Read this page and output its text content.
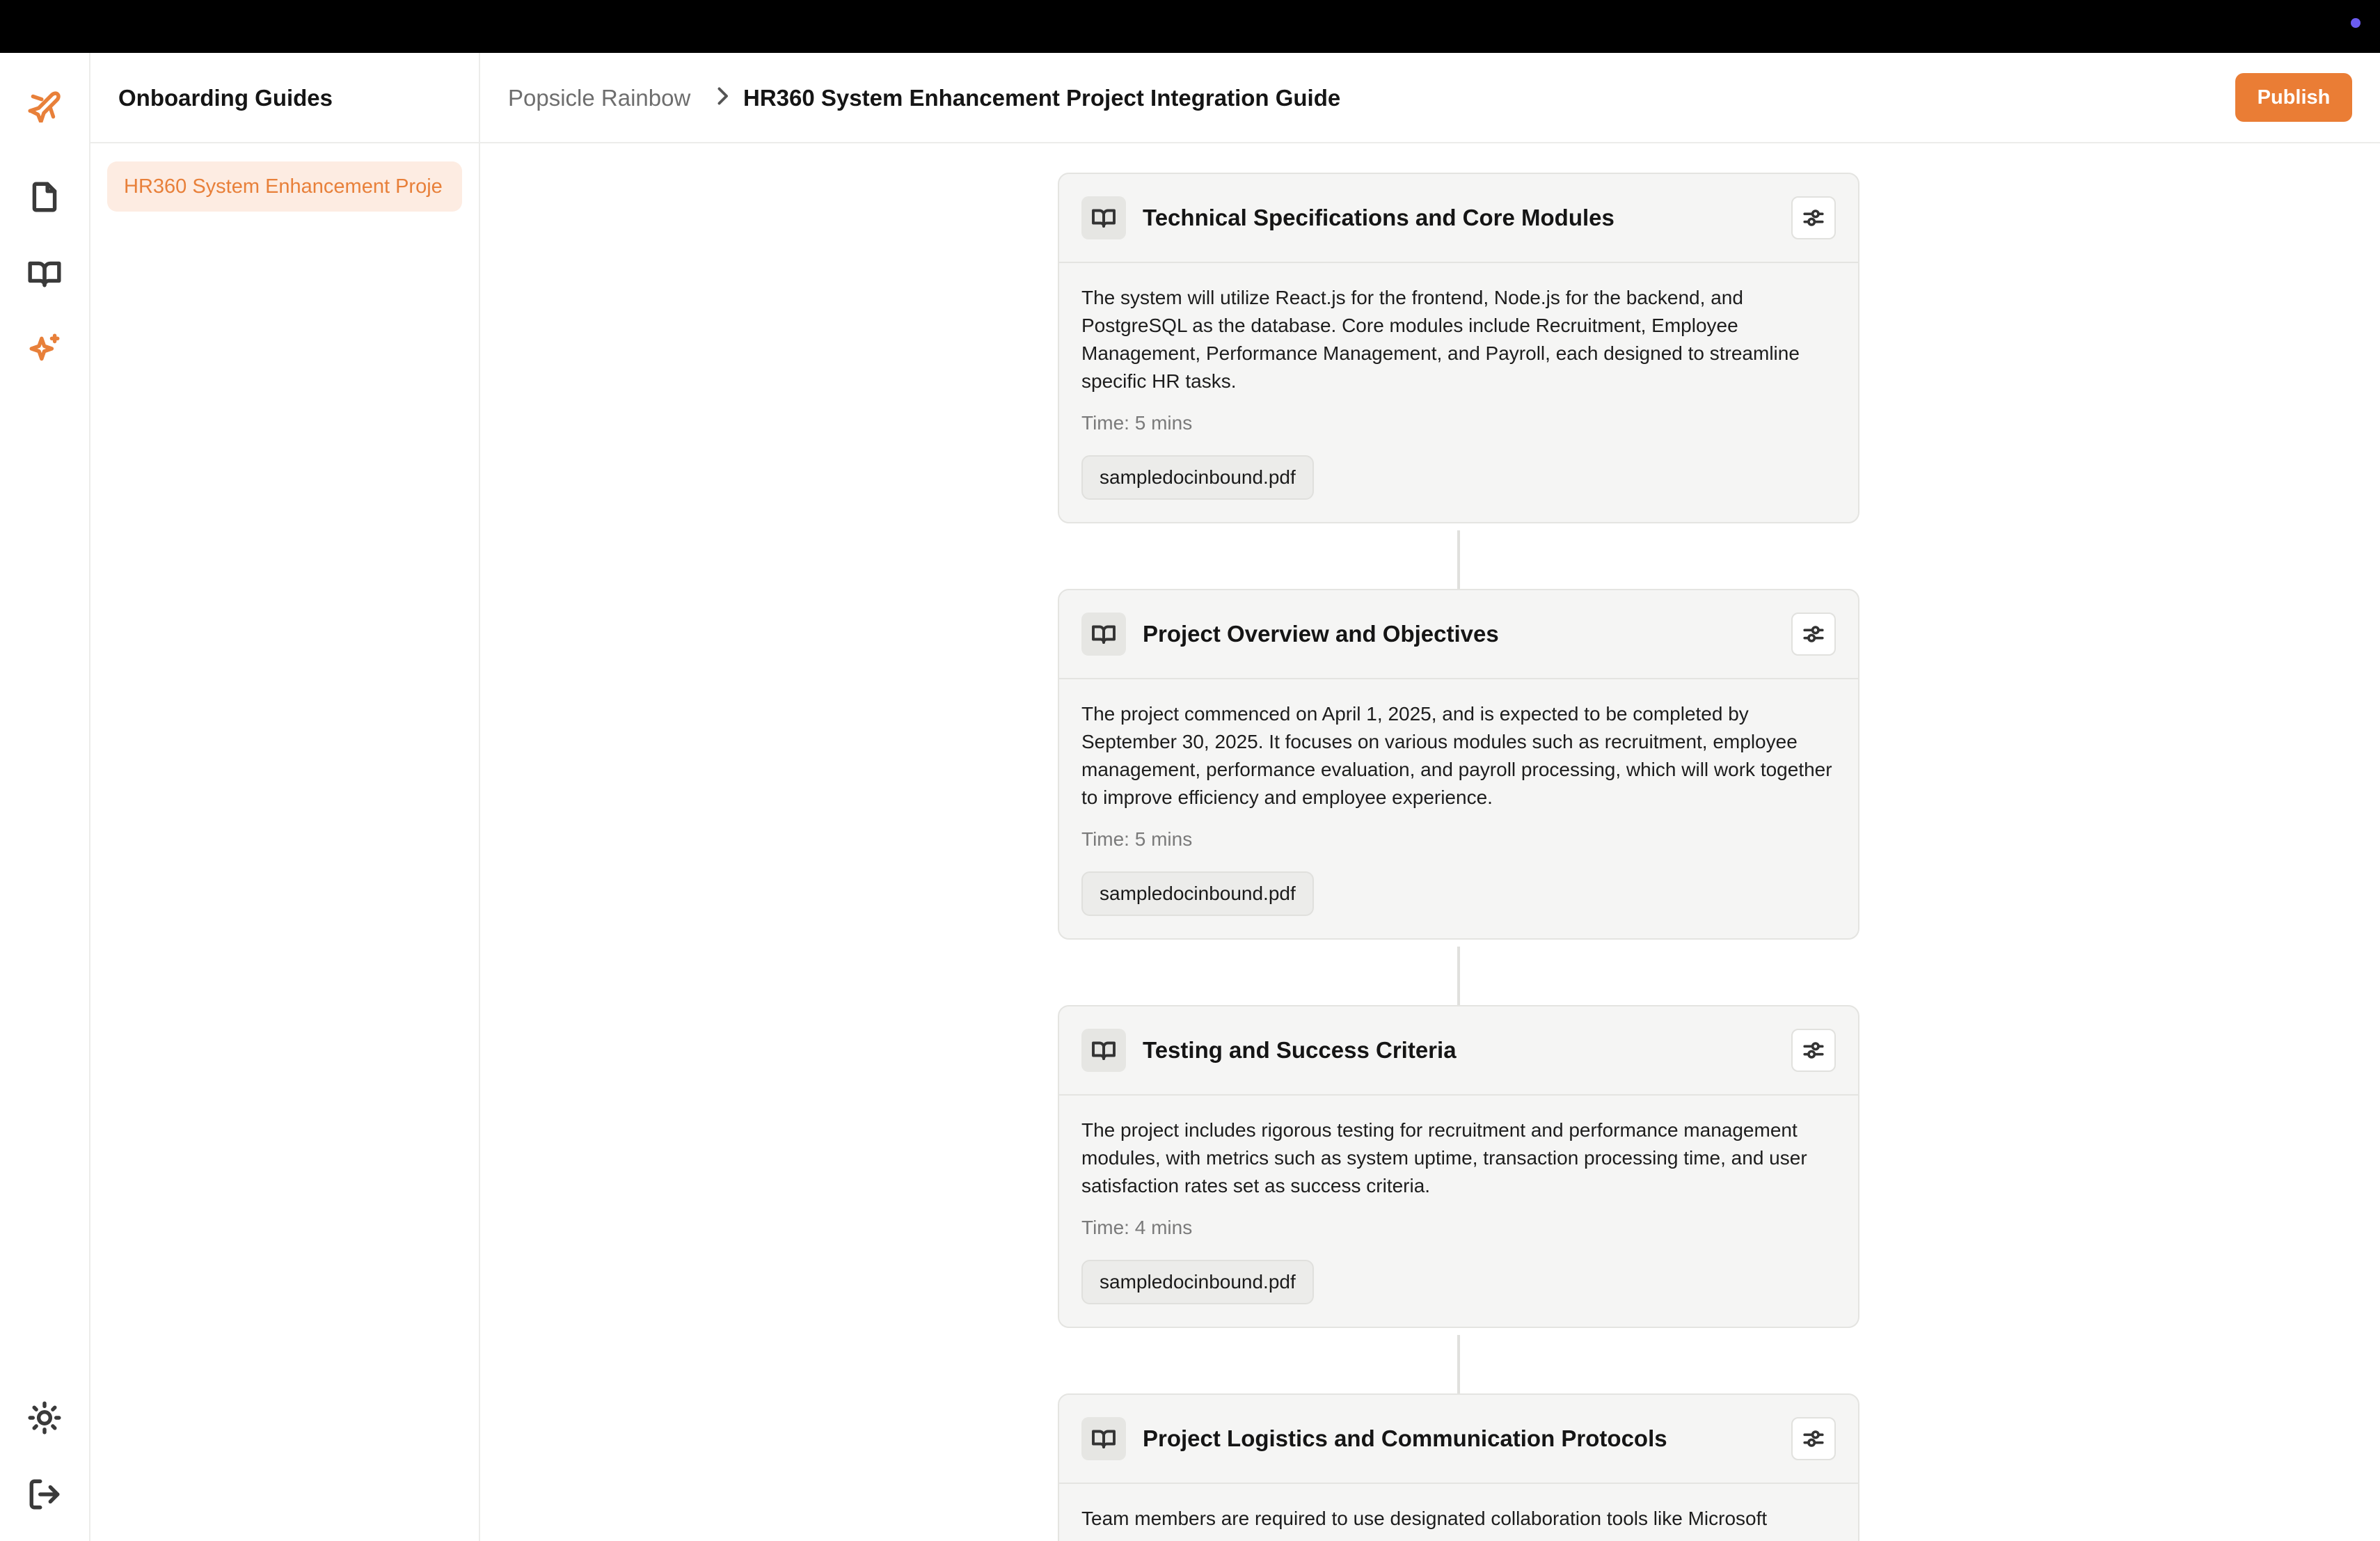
Onboarding Guides
HR360 System Enhancement Proje
Popsicle Rainbow HR360 System Enhancement Project Integration Guide	Publish
Technical Specifications and Core Modules

The system will utilize React.js for the frontend, Node.js for the backend, and PostgreSQL as the database. Core modules include Recruitment, Employee Management, Performance Management, and Payroll, each designed to streamline specific HR tasks.

Time: 5 mins
sampledocinbound.pdf
Project Overview and Objectives

The project commenced on April 1, 2025, and is expected to be completed by September 30, 2025. It focuses on various modules such as recruitment, employee management, performance evaluation, and payroll processing, which will work together to improve efficiency and employee experience.

Time: 5 mins
sampledocinbound.pdf
Testing and Success Criteria

The project includes rigorous testing for recruitment and performance management modules, with metrics such as system uptime, transaction processing time, and user satisfaction rates set as success criteria.

Time: 4 mins
sampledocinbound.pdf
Project Logistics and Communication Protocols

Team members are required to use designated collaboration tools like Microsoft
